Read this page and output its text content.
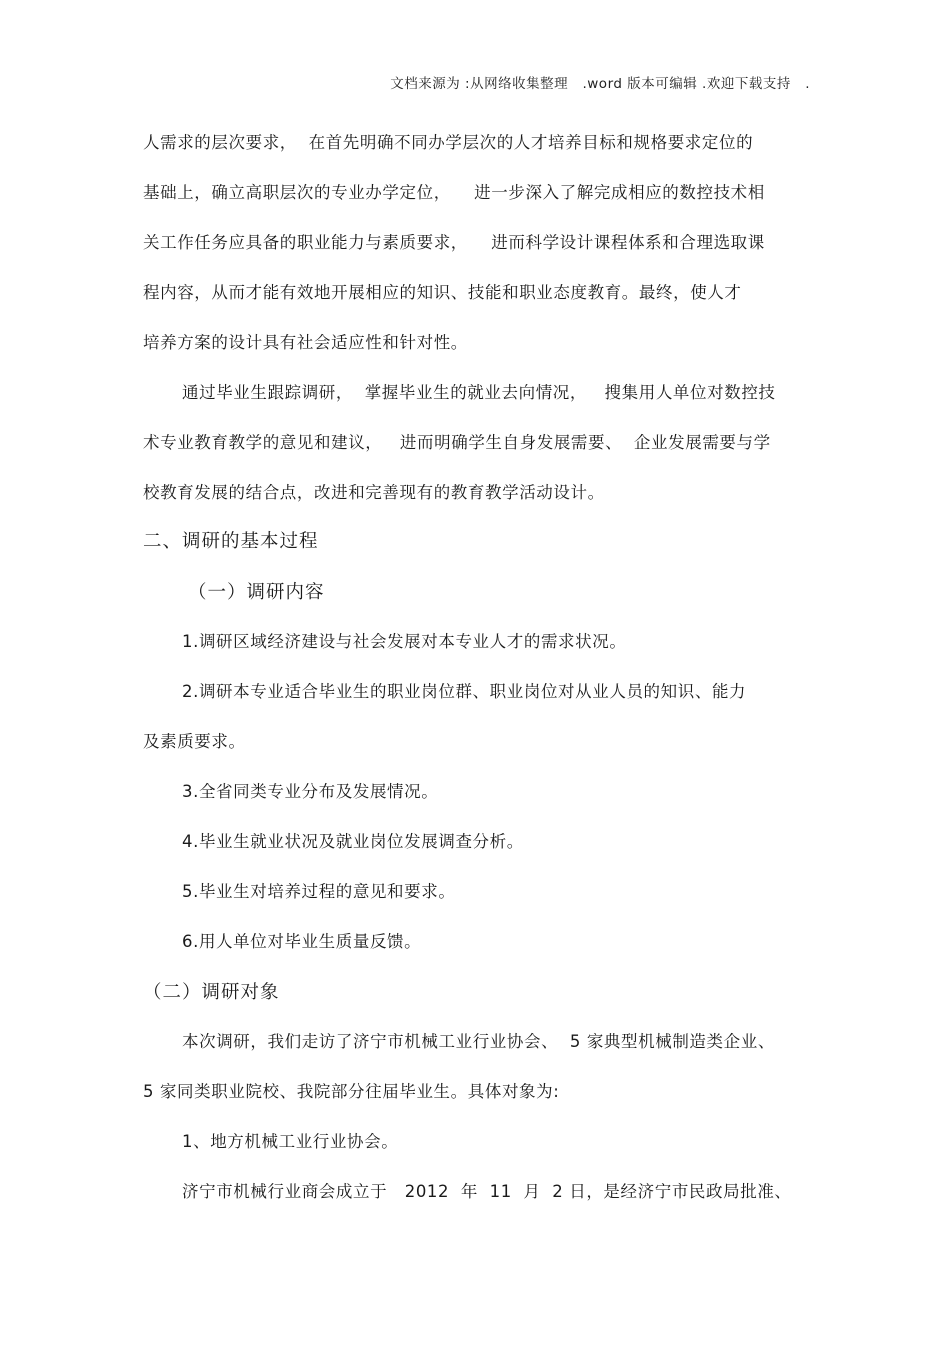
文档来源为 :从网络收集整理   .word 版本可编辑 .欢迎下载支持   .
人需求的层次要求，  在首先明确不同办学层次的人才培养目标和规格要求定位的
基础上，确立高职层次的专业办学定位，    进一步深入了解完成相应的数控技术相
关工作任务应具备的职业能力与素质要求，    进而科学设计课程体系和合理选取课
程内容，从而才能有效地开展相应的知识、技能和职业态度教育。最终，使人才
培养方案的设计具有社会适应性和针对性。
通过毕业生跟踪调研，  掌握毕业生的就业去向情况，   搜集用人单位对数控技
术专业教育教学的意见和建议，   进而明确学生自身发展需要、  企业发展需要与学
校教育发展的结合点，改进和完善现有的教育教学活动设计。
二、调研的基本过程
（一）调研内容
1.调研区域经济建设与社会发展对本专业人才的需求状况。
2.调研本专业适合毕业生的职业岗位群、职业岗位对从业人员的知识、能力
及素质要求。
3.全省同类专业分布及发展情况。
4.毕业生就业状况及就业岗位发展调查分析。
5.毕业生对培养过程的意见和要求。
6.用人单位对毕业生质量反馈。
（二）调研对象
本次调研，我们走访了济宁市机械工业行业协会、  5 家典型机械制造类企业、
5 家同类职业院校、我院部分往届毕业生。具体对象为:
1、地方机械工业行业协会。
济宁市机械行业商会成立于   2012  年  11  月  2 日，是经济宁市民政局批准、
